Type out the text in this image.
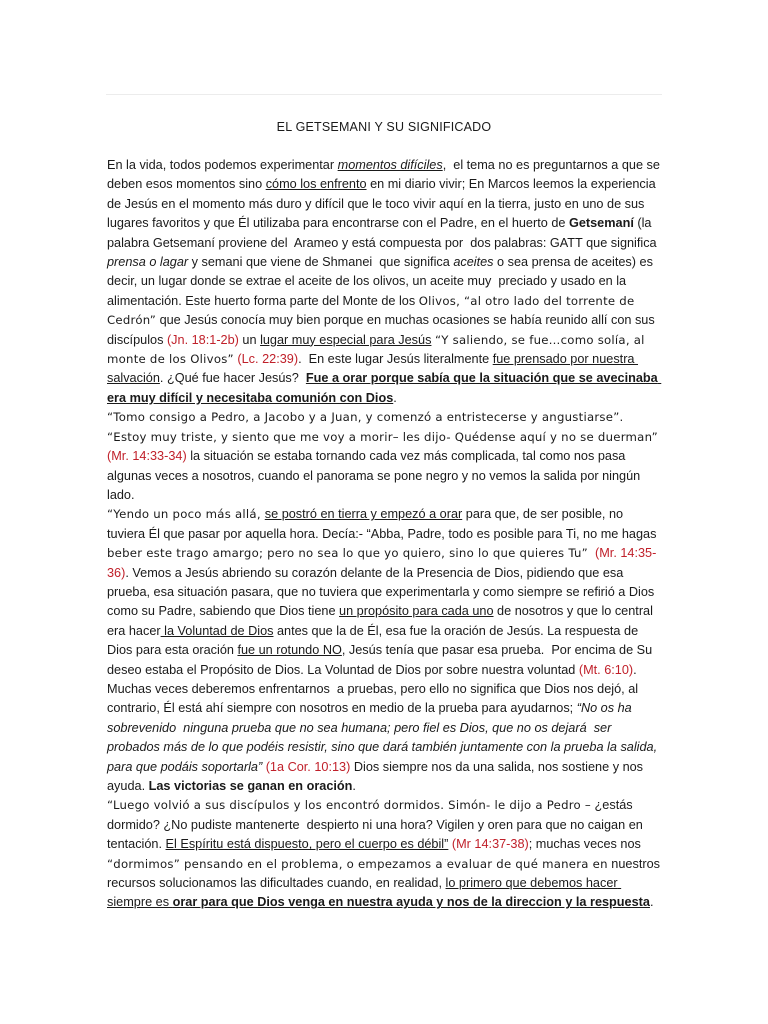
EL GETSEMANI Y SU SIGNIFICADO

En la vida, todos podemos experimentar momentos difíciles,  el tema no es preguntarnos a que se deben esos momentos sino cómo los enfrento en mi diario vivir; En Marcos leemos la experiencia de Jesús en el momento más duro y difícil que le toco vivir aquí en la tierra, justo en uno de sus lugares favoritos y que Él utilizaba para encontrarse con el Padre, en el huerto de Getsemaní (la  palabra Getsemaní proviene del  Arameo y está compuesta por  dos palabras: GATT que significa prensa o lagar y semani que viene de Shmanei  que significa aceites o sea prensa de aceites) es decir, un lugar donde se extrae el aceite de los olivos, un aceite muy  preciado y usado en la alimentación. Este huerto forma parte del Monte de los Olivos, “al otro lado del torrente de Cedrón” que Jesús conocía muy bien porque en muchas ocasiones se había reunido allí con sus discípulos (Jn. 18:1-2b) un lugar muy especial para Jesús “Y saliendo, se fue…como solía, al monte de los Olivos” (Lc. 22:39).  En este lugar Jesús literalmente fue prensado por nuestra salvación. ¿Qué fue hacer Jesús?  Fue a orar porque sabía que la situación que se avecinaba era muy difícil y necesitaba comunión con Dios.

“Tomo consigo a Pedro, a Jacobo y a Juan, y comenzó a entristecerse y angustiarse”. “Estoy muy triste, y siento que me voy a morir– les dijo- Quédense aquí y no se duerman” (Mr. 14:33-34) la situación se estaba tornando cada vez más complicada, tal como nos pasa algunas veces a nosotros, cuando el panorama se pone negro y no vemos la salida por ningún lado.

“Yendo un poco más allá, se postró en tierra y empezó a orar para que, de ser posible, no tuviera Él que pasar por aquella hora. Decía:- “Abba, Padre, todo es posible para Ti, no me hagas beber este trago amargo; pero no sea lo que yo quiero, sino lo que quieres Tu” (Mr. 14:35-36). Vemos a Jesús abriendo su corazón delante de la Presencia de Dios, pidiendo que esa prueba, esa situación pasara, que no tuviera que experimentarla y como siempre se refirió a Dios como su Padre, sabiendo que Dios tiene un propósito para cada uno de nosotros y que lo central era hacer la Voluntad de Dios antes que la de Él, esa fue la oración de Jesús. La respuesta de Dios para esta oración fue un rotundo NO, Jesús tenía que pasar esa prueba.  Por encima de Su deseo estaba el Propósito de Dios. La Voluntad de Dios por sobre nuestra voluntad (Mt. 6:10). Muchas veces deberemos enfrentarnos  a pruebas, pero ello no significa que Dios nos dejó, al contrario, Él está ahí siempre con nosotros en medio de la prueba para ayudarnos; “No os ha sobrevenido  ninguna prueba que no sea humana; pero fiel es Dios, que no os dejará  ser probados más de lo que podéis resistir, sino que dará también juntamente con la prueba la salida, para que podáis soportarla” (1a Cor. 10:13) Dios siempre nos da una salida, nos sostiene y nos ayuda. Las victorias se ganan en oración.

“Luego volvió a sus discípulos y los encontró dormidos. Simón- le dijo a Pedro – ¿estás dormido? ¿No pudiste mantenerte  despierto ni una hora? Vigilen y oren para que no caigan en tentación. El Espíritu está dispuesto, pero el cuerpo es débil” (Mr 14:37-38); muchas veces nos “dormimos” pensando en el problema, o empezamos a evaluar de qué manera en nuestros recursos solucionamos las dificultades cuando, en realidad, lo primero que debemos hacer siempre es orar para que Dios venga en nuestra ayuda y nos de la direccion y la respuesta.
